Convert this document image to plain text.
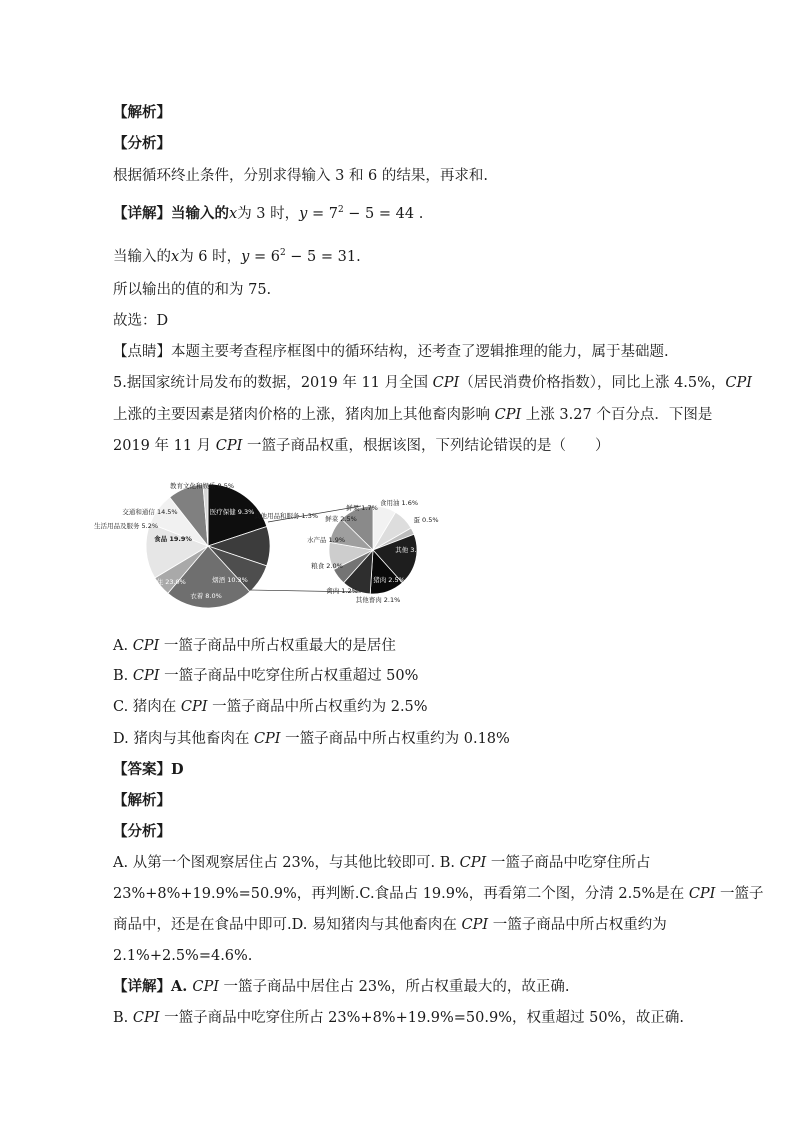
【解析】
【分析】
根据循环终止条件，分别求得输入 3 和 6 的结果，再求和.
【详解】当输入的x为 3 时，$y = 7^2 - 5 = 44$ .
当输入的x为 6 时，$y = 6^2 - 5 = 31$.
所以输出的值的和为 75.
故选：D
【点睛】本题主要考查程序框图中的循环结构，还考查了逻辑推理的能力，属于基础题.
5.据国家统计局发布的数据，2019 年 11 月全国 CPI（居民消费价格指数），同比上涨 4.5%，CPI
上涨的主要因素是猪肉价格的上涨，猪肉加上其他畜肉影响 CPI 上涨 3.27 个百分点．下图是
2019 年 11 月 CPI 一篮子商品权重，根据该图，下列结论错误的是（　　）
食品 19.9%
烟酒 10.3%
衣着 8.0%
居住 23.0%
生活用品及服务 5.2%
交通和通信 14.5%
教育文化和娱乐 8.5%
医疗保健 9.3% 其他用品和服务 1.3%
鲜果 1.7%
食用油 1.6%
蛋 0.5%
其他 3.8%
猪肉 2.5%
其他畜肉 2.1%
禽肉 1.2%
粮食 2.0%
水产品 1.9%
鲜菜 2.5%
A. CPI 一篮子商品中所占权重最大的是居住
B. CPI 一篮子商品中吃穿住所占权重超过 50%
C. 猪肉在 CPI 一篮子商品中所占权重约为 2.5%
D. 猪肉与其他畜肉在 CPI 一篮子商品中所占权重约为 0.18%
【答案】D
【解析】
【分析】
A. 从第一个图观察居住占 23%，与其他比较即可. B. CPI 一篮子商品中吃穿住所占
23%+8%+19.9%=50.9%，再判断.C.食品占 19.9%，再看第二个图，分清 2.5%是在 CPI 一篮子
商品中，还是在食品中即可.D. 易知猪肉与其他畜肉在 CPI 一篮子商品中所占权重约为
2.1%+2.5%=4.6%.
【详解】A. CPI 一篮子商品中居住占 23%，所占权重最大的，故正确.
B. CPI 一篮子商品中吃穿住所占 23%+8%+19.9%=50.9%，权重超过 50%，故正确.
